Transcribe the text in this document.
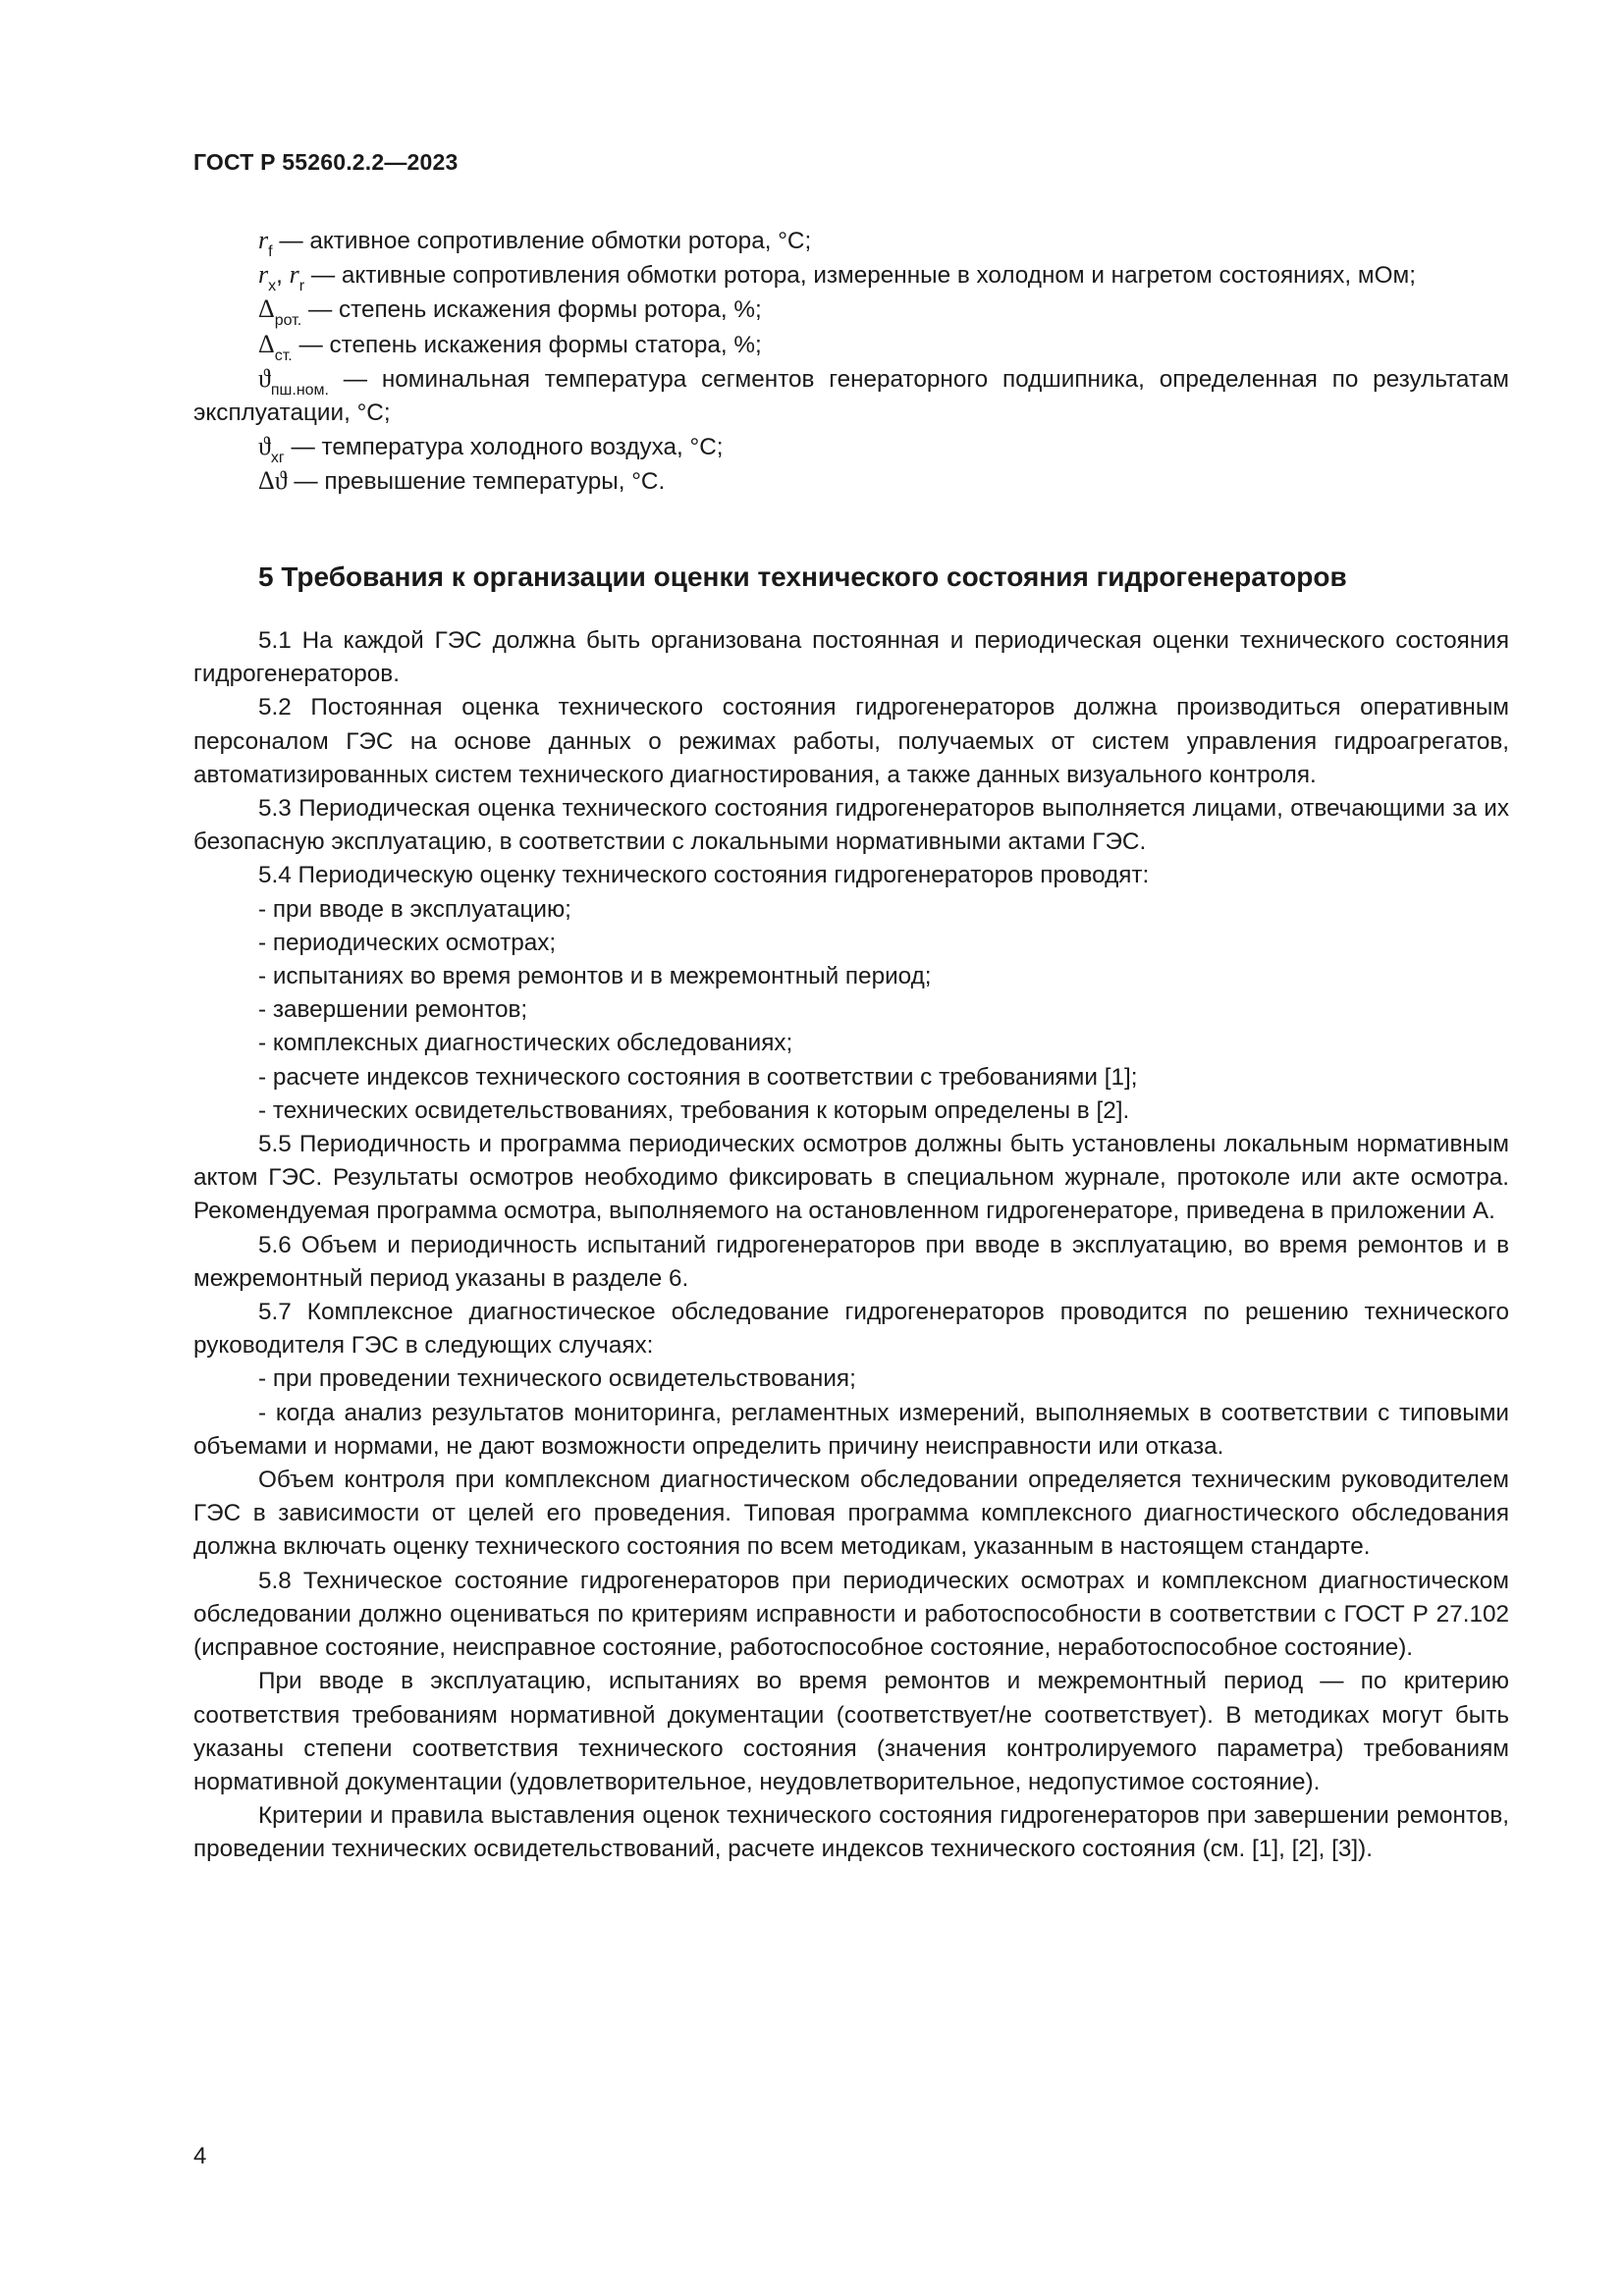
ГОСТ Р 55260.2.2—2023

$r_f$ — активное сопротивление обмотки ротора, °С;

$r_x$, $r_r$ — активные сопротивления обмотки ротора, измеренные в холодном и нагретом состояниях, мОм;

$\Delta_{рот.}$ — степень искажения формы ротора, %;

$\Delta_{ст.}$ — степень искажения формы статора, %;

$ϑ_{пш.ном.}$ — номинальная температура сегментов генераторного подшипника, определенная по результатам эксплуатации, °С;

$ϑ_{хг}$ — температура холодного воздуха, °С;

Δϑ — превышение температуры, °С.

5 Требования к организации оценки технического состояния гидрогенераторов

5.1 На каждой ГЭС должна быть организована постоянная и периодическая оценки технического состояния гидрогенераторов.

5.2 Постоянная оценка технического состояния гидрогенераторов должна производиться оперативным персоналом ГЭС на основе данных о режимах работы, получаемых от систем управления гидроагрегатов, автоматизированных систем технического диагностирования, а также данных визуального контроля.

5.3 Периодическая оценка технического состояния гидрогенераторов выполняется лицами, отвечающими за их безопасную эксплуатацию, в соответствии с локальными нормативными актами ГЭС.

5.4 Периодическую оценку технического состояния гидрогенераторов проводят:

- при вводе в эксплуатацию;

- периодических осмотрах;

- испытаниях во время ремонтов и в межремонтный период;

- завершении ремонтов;

- комплексных диагностических обследованиях;

- расчете индексов технического состояния в соответствии с требованиями [1];

- технических освидетельствованиях, требования к которым определены в [2].

5.5 Периодичность и программа периодических осмотров должны быть установлены локальным нормативным актом ГЭС. Результаты осмотров необходимо фиксировать в специальном журнале, протоколе или акте осмотра. Рекомендуемая программа осмотра, выполняемого на остановленном гидрогенераторе, приведена в приложении А.

5.6 Объем и периодичность испытаний гидрогенераторов при вводе в эксплуатацию, во время ремонтов и в межремонтный период указаны в разделе 6.

5.7 Комплексное диагностическое обследование гидрогенераторов проводится по решению технического руководителя ГЭС в следующих случаях:

- при проведении технического освидетельствования;

- когда анализ результатов мониторинга, регламентных измерений, выполняемых в соответствии с типовыми объемами и нормами, не дают возможности определить причину неисправности или отказа.

Объем контроля при комплексном диагностическом обследовании определяется техническим руководителем ГЭС в зависимости от целей его проведения. Типовая программа комплексного диагностического обследования должна включать оценку технического состояния по всем методикам, указанным в настоящем стандарте.

5.8 Техническое состояние гидрогенераторов при периодических осмотрах и комплексном диагностическом обследовании должно оцениваться по критериям исправности и работоспособности в соответствии с ГОСТ Р 27.102 (исправное состояние, неисправное состояние, работоспособное состояние, неработоспособное состояние).

При вводе в эксплуатацию, испытаниях во время ремонтов и межремонтный период — по критерию соответствия требованиям нормативной документации (соответствует/не соответствует). В методиках могут быть указаны степени соответствия технического состояния (значения контролируемого параметра) требованиям нормативной документации (удовлетворительное, неудовлетворительное, недопустимое состояние).

Критерии и правила выставления оценок технического состояния гидрогенераторов при завершении ремонтов, проведении технических освидетельствований, расчете индексов технического состояния (см. [1], [2], [3]).

4
